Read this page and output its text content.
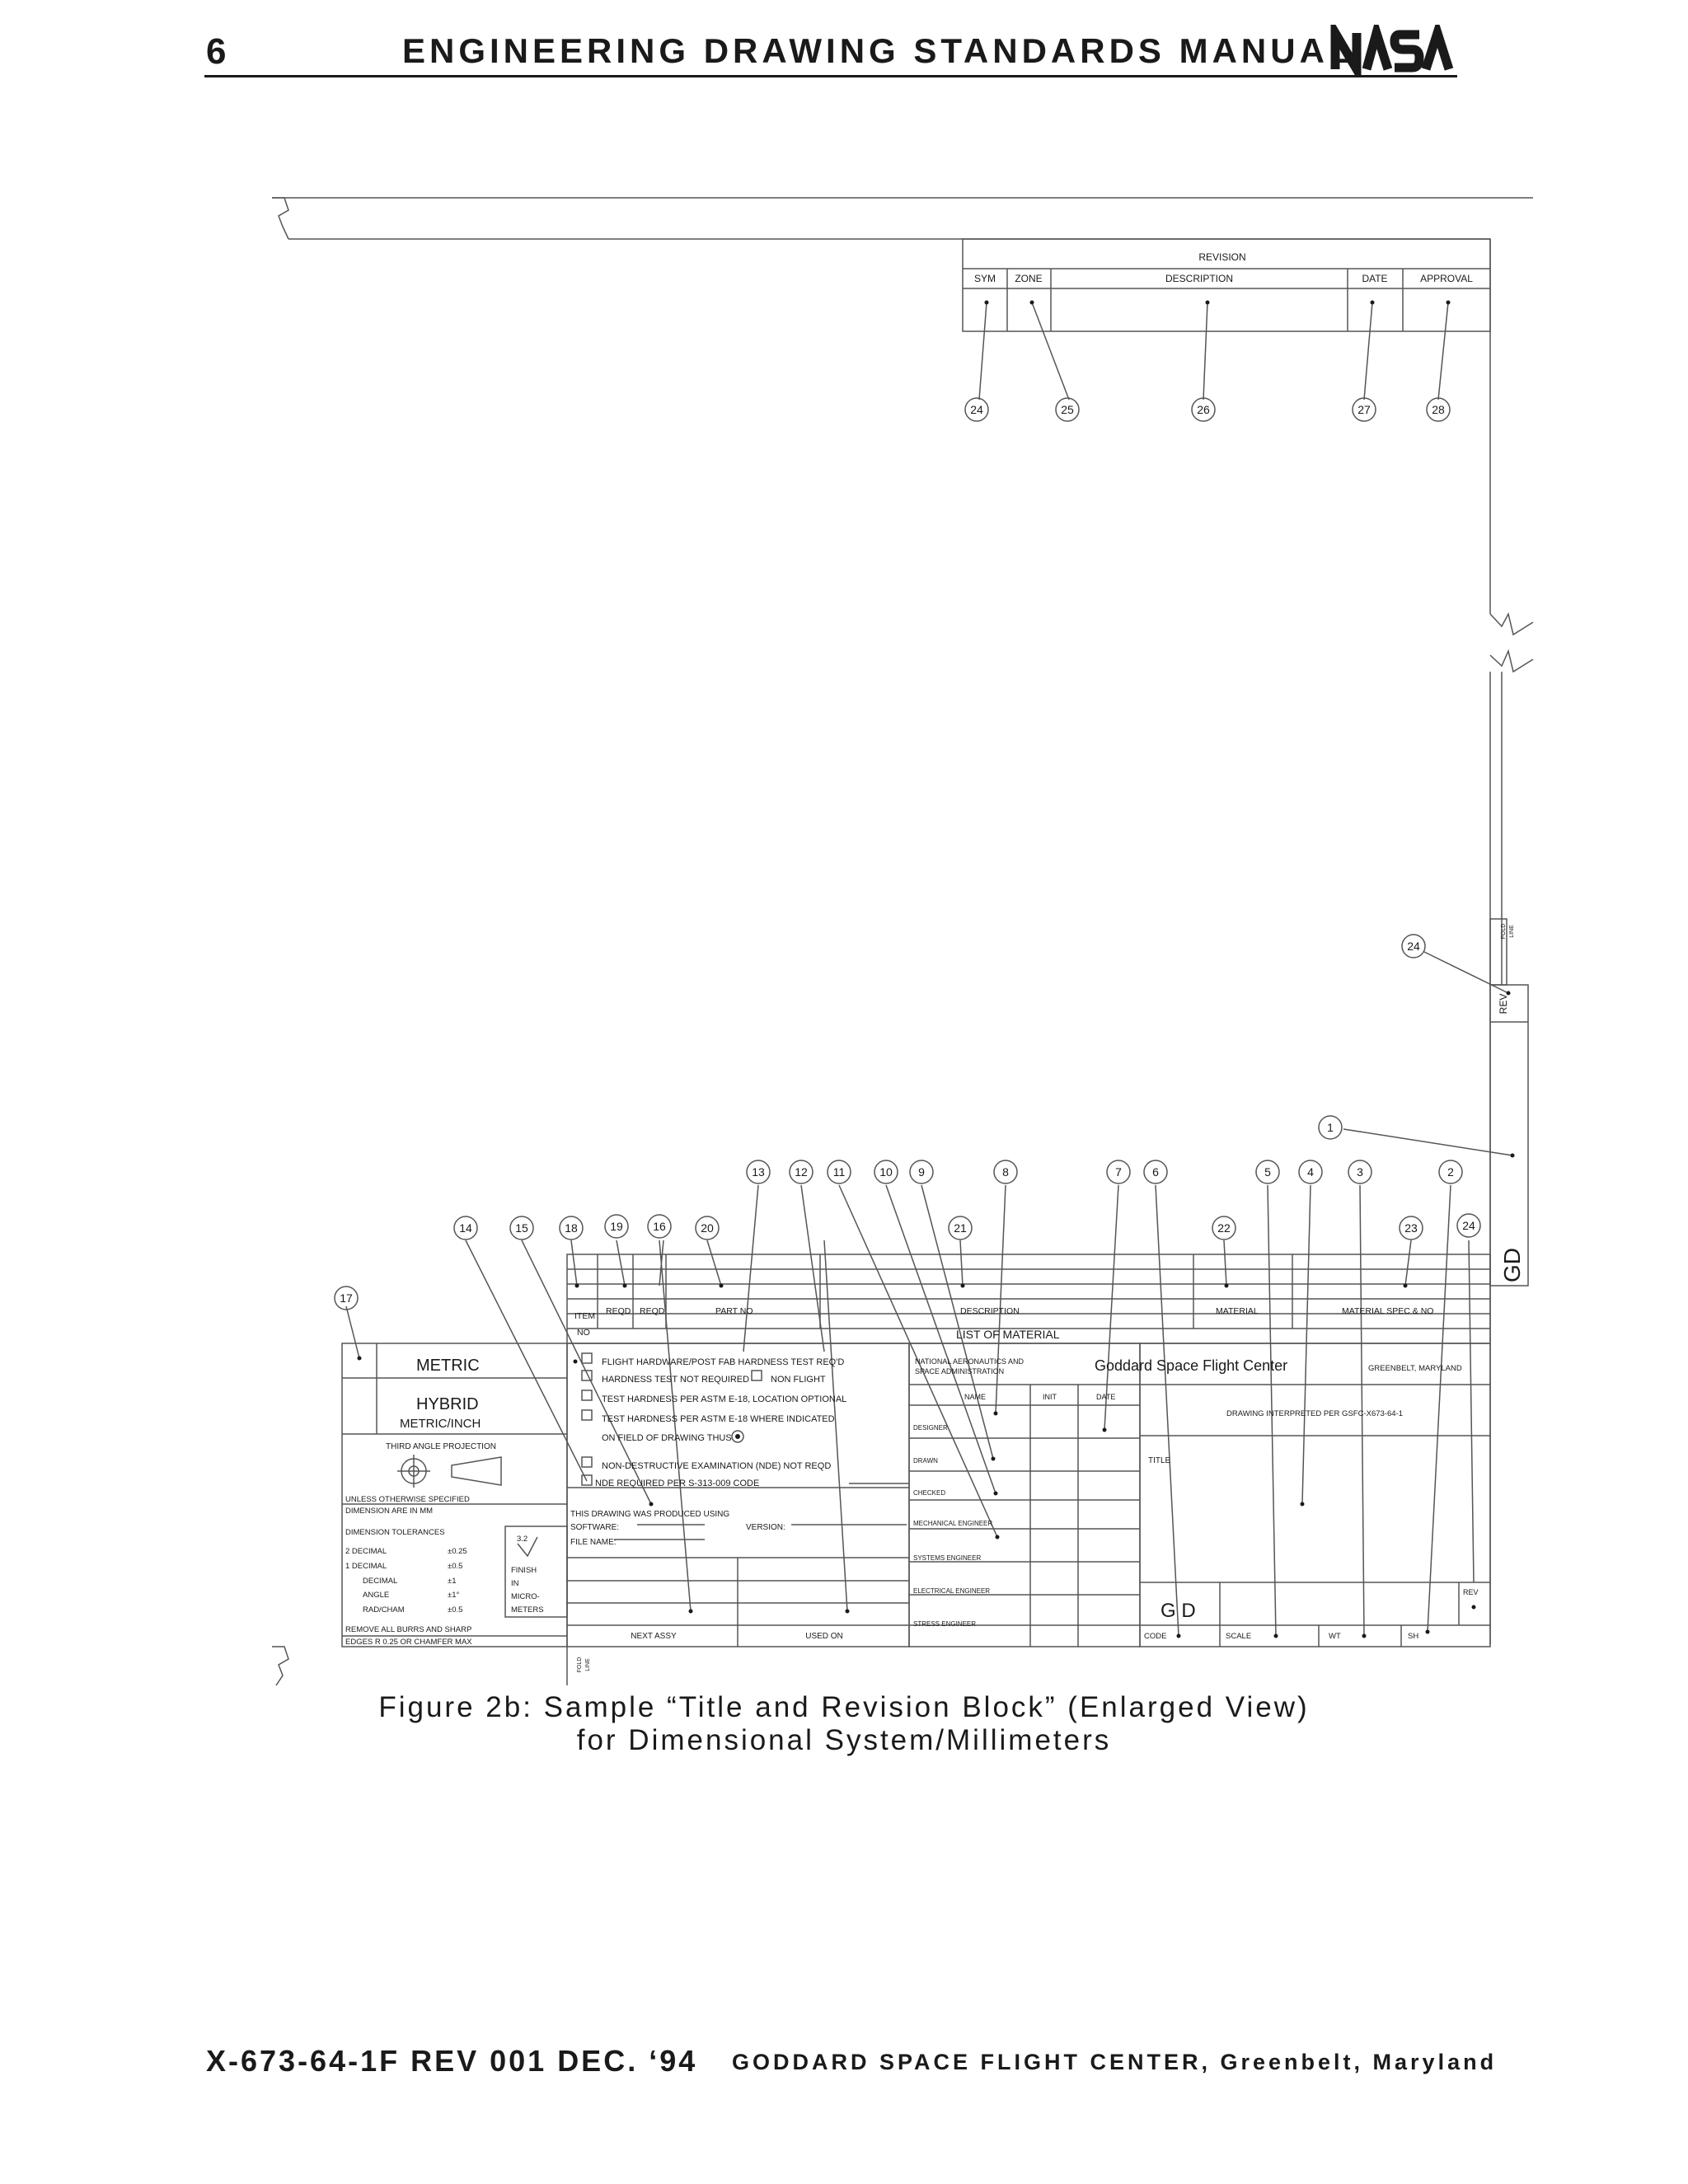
6	ENGINEERING DRAWING STANDARDS MANUAL
REVISION
SYM ZONE	DESCRIPTION	DATE	APPROVAL
24	25	26	27	28
24
1
2
3
4
5
6
7
8
9
10
11
12
13
14	15	16
17
18	19	20	21	22	23	24
FOLD LINE
FOLD LINE
REV
GD
ITEM
NO
REQD REQD	PART NO	DESCRIPTION	MATERIAL	MATERIAL SPEC & NO
LIST OF MATERIAL
METRIC
HYBRID
METRIC/INCH
THIRD ANGLE PROJECTION
UNLESS OTHERWISE SPECIFIED
DIMENSION ARE IN MM
DIMENSION TOLERANCES
2 DECIMAL	±0.25
1 DECIMAL	±0.5
DECIMAL	±1
ANGLE	±1°
RAD/CHAM	±0.5
3.2
FINISH
IN
MICRO-
METERS
REMOVE ALL BURRS AND SHARP
EDGES R 0.25 OR CHAMFER MAX
FLIGHT HARDWARE/POST FAB HARDNESS TEST REQ'D
HARDNESS TEST NOT REQUIRED NON FLIGHT
TEST HARDNESS PER ASTM E-18, LOCATION OPTIONAL
TEST HARDNESS PER ASTM E-18 WHERE INDICATED
ON FIELD OF DRAWING THUS
NON-DESTRUCTIVE EXAMINATION (NDE) NOT REQD
NDE REQUIRED PER S-313-009 CODE
THIS DRAWING WAS PRODUCED USING
SOFTWARE:	VERSION:
FILE NAME:
NEXT ASSY	USED ON
NATIONAL AERONAUTICS AND
SPACE ADMINISTRATION
NAME	INIT	DATE
DESIGNER
DRAWN
CHECKED
MECHANICAL ENGINEER
SYSTEMS ENGINEER
ELECTRICAL ENGINEER
STRESS ENGINEER
Goddard Space Flight Center	GREENBELT, MARYLAND
DRAWING INTERPRETED PER GSFC-X673-64-1
TITLE
G D
REV
CODE	SCALE	WT	SH
Figure 2b: Sample “Title and Revision Block” (Enlarged View)
for Dimensional System/Millimeters
X-673-64-1F REV 001 DEC. ‘94 GODDARD SPACE FLIGHT CENTER, Greenbelt, Maryland
